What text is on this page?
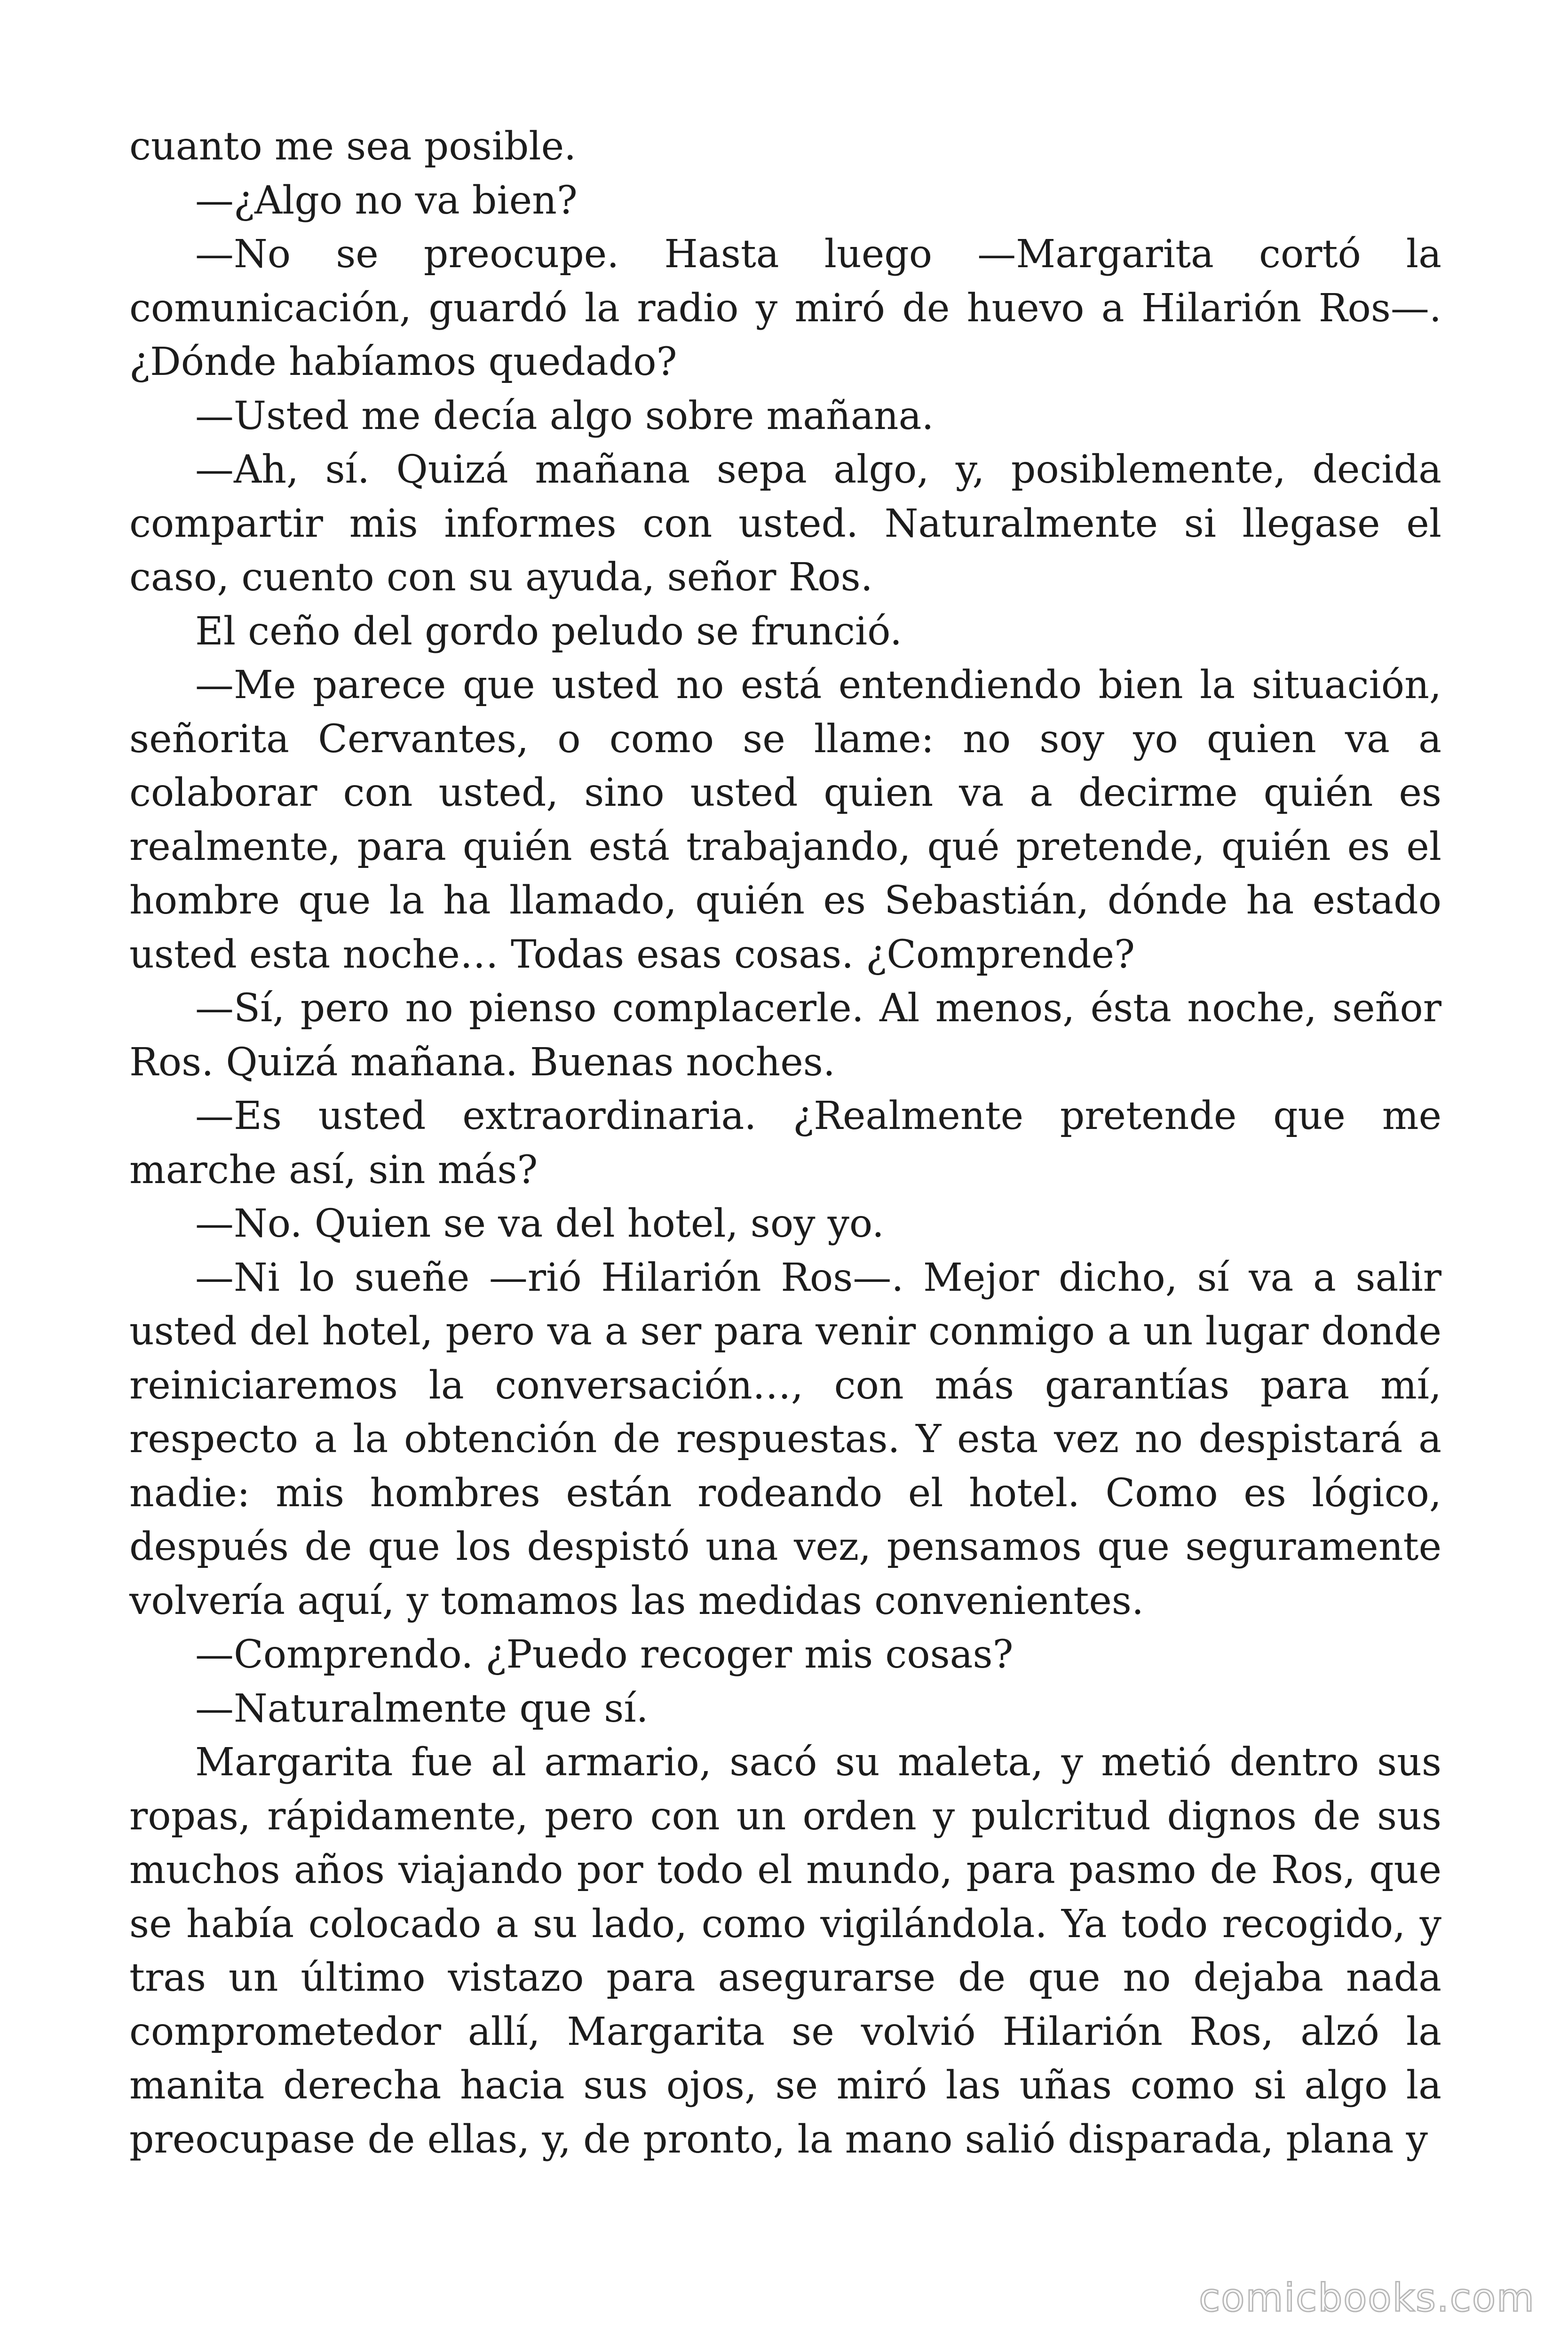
cuanto me sea posible.

—¿Algo no va bien?

—No se preocupe. Hasta luego —Margarita cortó la comunicación, guardó la radio y miró de huevo a Hilarión Ros—. ¿Dónde habíamos quedado?

—Usted me decía algo sobre mañana.

—Ah, sí. Quizá mañana sepa algo, y, posiblemente, decida compartir mis informes con usted. Naturalmente si llegase el caso, cuento con su ayuda, señor Ros.

El ceño del gordo peludo se frunció.

—Me parece que usted no está entendiendo bien la situación, señorita Cervantes, o como se llame: no soy yo quien va a colaborar con usted, sino usted quien va a decirme quién es realmente, para quién está trabajando, qué pretende, quién es el hombre que la ha llamado, quién es Sebastián, dónde ha estado usted esta noche… Todas esas cosas. ¿Comprende?

—Sí, pero no pienso complacerle. Al menos, ésta noche, señor Ros. Quizá mañana. Buenas noches.

—Es usted extraordinaria. ¿Realmente pretende que me marche así, sin más?

—No. Quien se va del hotel, soy yo.

—Ni lo sueñe —rió Hilarión Ros—. Mejor dicho, sí va a salir usted del hotel, pero va a ser para venir conmigo a un lugar donde reiniciaremos la conversación…, con más garantías para mí, respecto a la obtención de respuestas. Y esta vez no despistará a nadie: mis hombres están rodeando el hotel. Como es lógico, después de que los despistó una vez, pensamos que seguramente volvería aquí, y tomamos las medidas convenientes.

—Comprendo. ¿Puedo recoger mis cosas?

—Naturalmente que sí.

Margarita fue al armario, sacó su maleta, y metió dentro sus ropas, rápidamente, pero con un orden y pulcritud dignos de sus muchos años viajando por todo el mundo, para pasmo de Ros, que se había colocado a su lado, como vigilándola. Ya todo recogido, y tras un último vistazo para asegurarse de que no dejaba nada comprometedor allí, Margarita se volvió Hilarión Ros, alzó la manita derecha hacia sus ojos, se miró las uñas como si algo la preocupase de ellas, y, de pronto, la mano salió disparada, plana y

comicbooks.com
